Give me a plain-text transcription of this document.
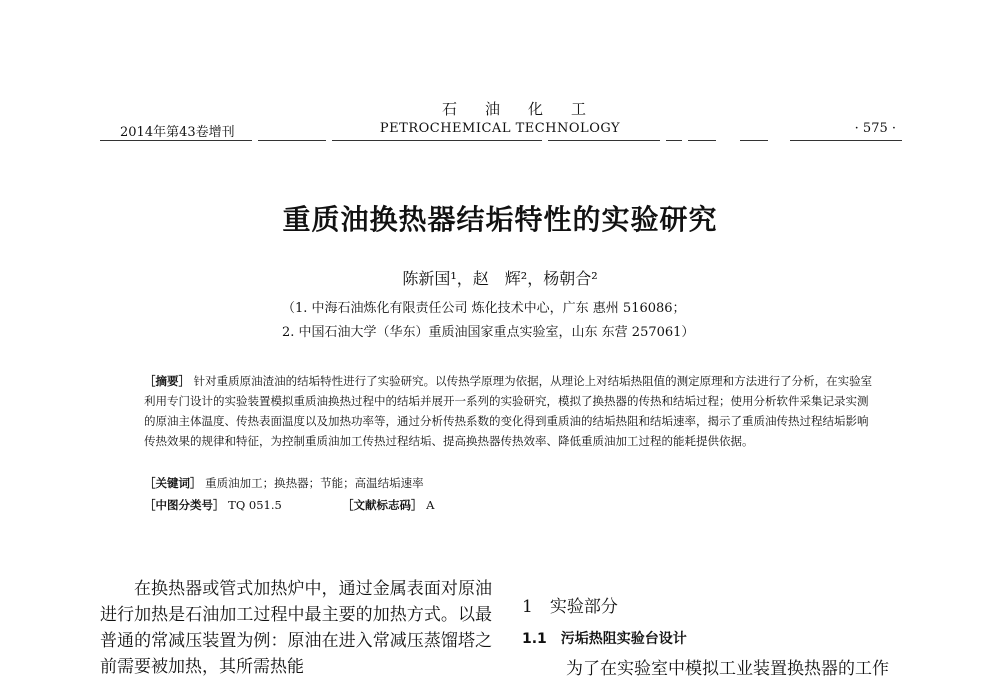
石油化工
2014年第43卷增刊	PETROCHEMICAL TECHNOLOGY	· 575 ·
重质油换热器结垢特性的实验研究
陈新国¹，赵　辉²，杨朝合²
（1. 中海石油炼化有限责任公司 炼化技术中心，广东 惠州 516086；
2. 中国石油大学（华东）重质油国家重点实验室，山东 东营 257061）
［摘要］ 针对重质原油渣油的结垢特性进行了实验研究。以传热学原理为依据，从理论上对结垢热阻值的测定原理和方法进行了分析，在实验室利用专门设计的实验装置模拟重质油换热过程中的结垢并展开一系列的实验研究，模拟了换热器的传热和结垢过程；使用分析软件采集记录实测的原油主体温度、传热表面温度以及加热功率等，通过分析传热系数的变化得到重质油的结垢热阻和结垢速率，揭示了重质油传热过程结垢影响传热效果的规律和特征，为控制重质油加工传热过程结垢、提高换热器传热效率、降低重质油加工过程的能耗提供依据。
［关键词］ 重质油加工；换热器；节能；高温结垢速率
［中图分类号］ TQ 051.5	［文献标志码］ A
在换热器或管式加热炉中，通过金属表面对原油进行加热是石油加工过程中最主要的加热方式。以最普通的常减压装置为例：原油在进入常减压蒸馏塔之前需要被加热，其所需热能
1　实验部分
1.1　污垢热阻实验台设计
为了在实验室中模拟工业装置换热器的工作
